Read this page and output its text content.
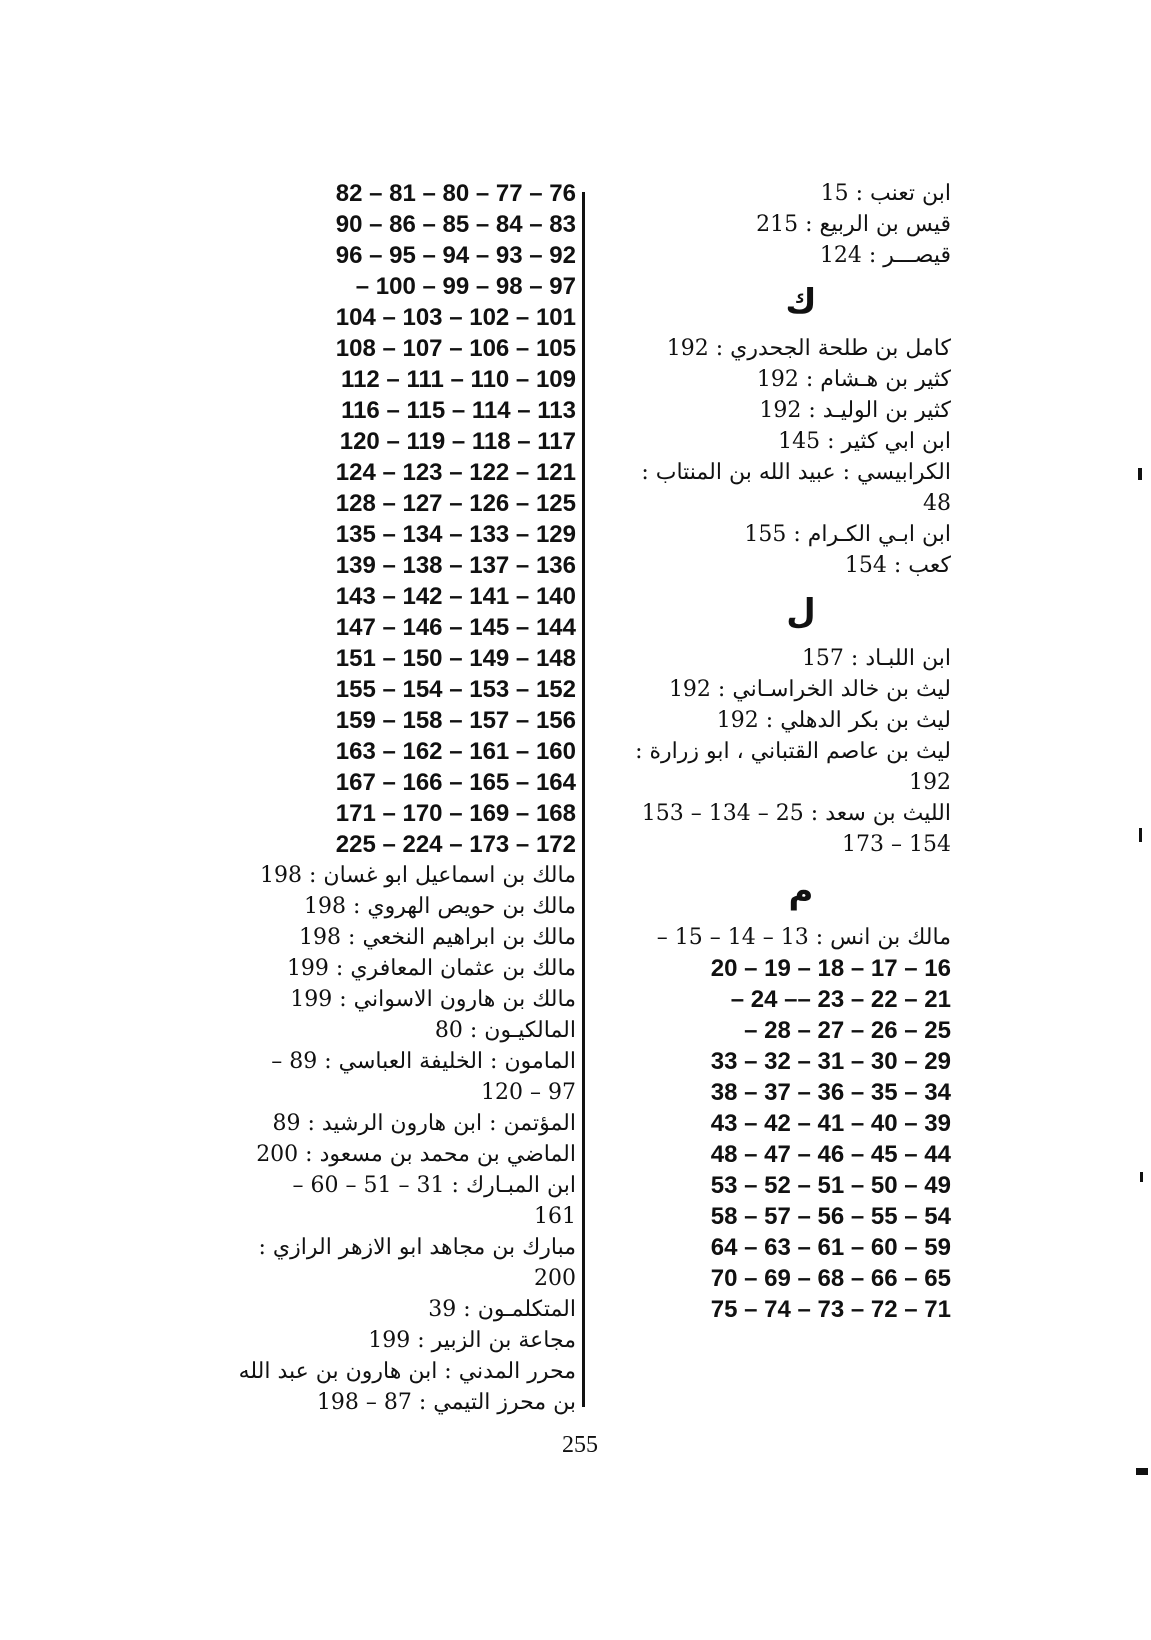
ابن تعنب : 15
قيس بن الربيع : 215
قيصـــر : 124
ك
كامل بن طلحة الجحدري : 192
كثير بن هـشام : 192
كثير بن الوليـد : 192
ابن ابي كثير : 145
الكرابيسي : عبيد الله بن المنتاب :
48
ابن ابـي الكـرام : 155
كعب : 154
ل
ابن اللبـاد : 157
ليث بن خالد الخراسـاني : 192
ليث بن بكر الدهلي : 192
ليث بن عاصم القتباني ، ابو زرارة :
192
الليث بن سعد : 25 – 134 – 153
154 – 173
م
مالك بن انس : 13 – 14 – 15 –
16 – 17 – 18 – 19 – 20
21 – 22 – 23 –– 24 –
25 – 26 – 27 – 28 –
29 – 30 – 31 – 32 – 33
34 – 35 – 36 – 37 – 38
39 – 40 – 41 – 42 – 43
44 – 45 – 46 – 47 – 48
49 – 50 – 51 – 52 – 53
54 – 55 – 56 – 57 – 58
59 – 60 – 61 – 63 – 64
65 – 66 – 68 – 69 – 70
71 – 72 – 73 – 74 – 75
76 – 77 – 80 – 81 – 82
83 – 84 – 85 – 86 – 90
92 – 93 – 94 – 95 – 96
97 – 98 – 99 – 100 –
101 – 102 – 103 – 104
105 – 106 – 107 – 108
109 – 110 – 111 – 112
113 – 114 – 115 – 116
117 – 118 – 119 – 120
121 – 122 – 123 – 124
125 – 126 – 127 – 128
129 – 133 – 134 – 135
136 – 137 – 138 – 139
140 – 141 – 142 – 143
144 – 145 – 146 – 147
148 – 149 – 150 – 151
152 – 153 – 154 – 155
156 – 157 – 158 – 159
160 – 161 – 162 – 163
164 – 165 – 166 – 167
168 – 169 – 170 – 171
172 – 173 – 224 – 225
مالك بن اسماعيل ابو غسان : 198
مالك بن حويص الهروي : 198
مالك بن ابراهيم النخعي : 198
مالك بن عثمان المعافري : 199
مالك بن هارون الاسواني : 199
المالكيـون : 80
المامون : الخليفة العباسي : 89 –
97 – 120
المؤتمن : ابن هارون الرشيد : 89
الماضي بن محمد بن مسعود : 200
ابن المبـارك : 31 – 51 – 60 –
161
مبارك بن مجاهد ابو الازهر الرازي :
200
المتكلمـون : 39
مجاعة بن الزبير : 199
محرر المدني : ابن هارون بن عبد الله
بن محرز التيمي : 87 – 198
255
